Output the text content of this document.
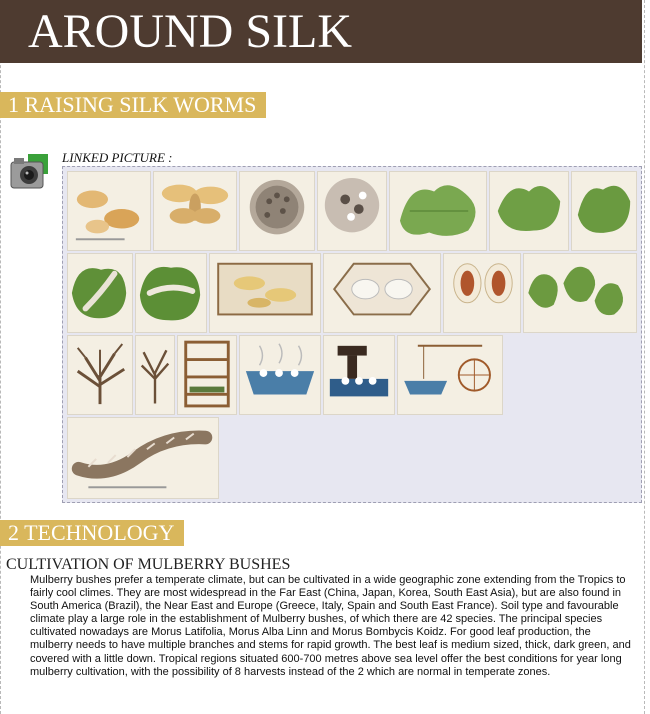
AROUND SILK
1 RAISING SILK WORMS
LINKED PICTURE :
2 TECHNOLOGY
CULTIVATION OF MULBERRY BUSHES
Mulberry bushes prefer a temperate climate, but can be cultivated in a wide geographic zone extending from the Tropics to fairly cool climes. They are most widespread in the Far East (China, Japan, Korea, South East Asia), but are also found in South America (Brazil), the Near East and Europe (Greece, Italy, Spain and South East France). Soil type and favourable climate play a large role in the establishment of Mulberry bushes, of which there are 42 species. The principal species cultivated nowadays are Morus Latifolia, Morus Alba Linn and Morus Bombycis Koidz. For good leaf production, the mulberry needs to have multiple branches and stems for rapid growth. The best leaf is medium sized, thick, dark green, and covered with a little down. Tropical regions situated 600-700 metres above sea level offer the best conditions for year long mulberry cultivation, with the possibility of 8 harvests instead of the 2 which are normal in temperate zones.
